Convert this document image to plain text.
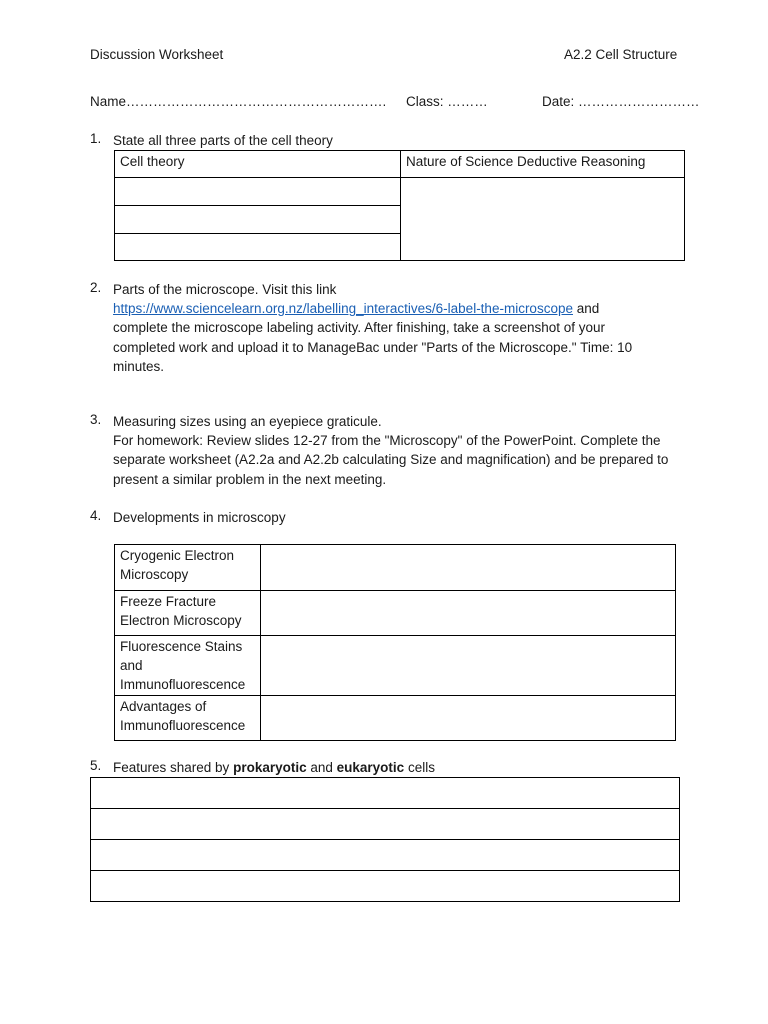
Discussion Worksheet	A2.2 Cell Structure
Name…………………………………………………. Class: ………	Date: ………………………
1. State all three parts of the cell theory
Cell theory	Nature of Science Deductive Reasoning

2. Parts of the microscope. Visit this link
https://www.sciencelearn.org.nz/labelling_interactives/6-label-the-microscope and
complete the microscope labeling activity. After finishing, take a screenshot of your
completed work and upload it to ManageBac under "Parts of the Microscope." Time: 10
minutes.
3. Measuring sizes using an eyepiece graticule.
For homework: Review slides 12-27 from the "Microscopy" of the PowerPoint. Complete the
separate worksheet (A2.2a and A2.2b calculating Size and magnification) and be prepared to
present a similar problem in the next meeting.
4. Developments in microscopy
Cryogenic Electron
Microscopy	

Freeze Fracture
Electron Microscopy	

Fluorescence Stains
and
Immunofluorescence	

Advantages of
Immunofluorescence	

5. Features shared by prokaryotic and eukaryotic cells
